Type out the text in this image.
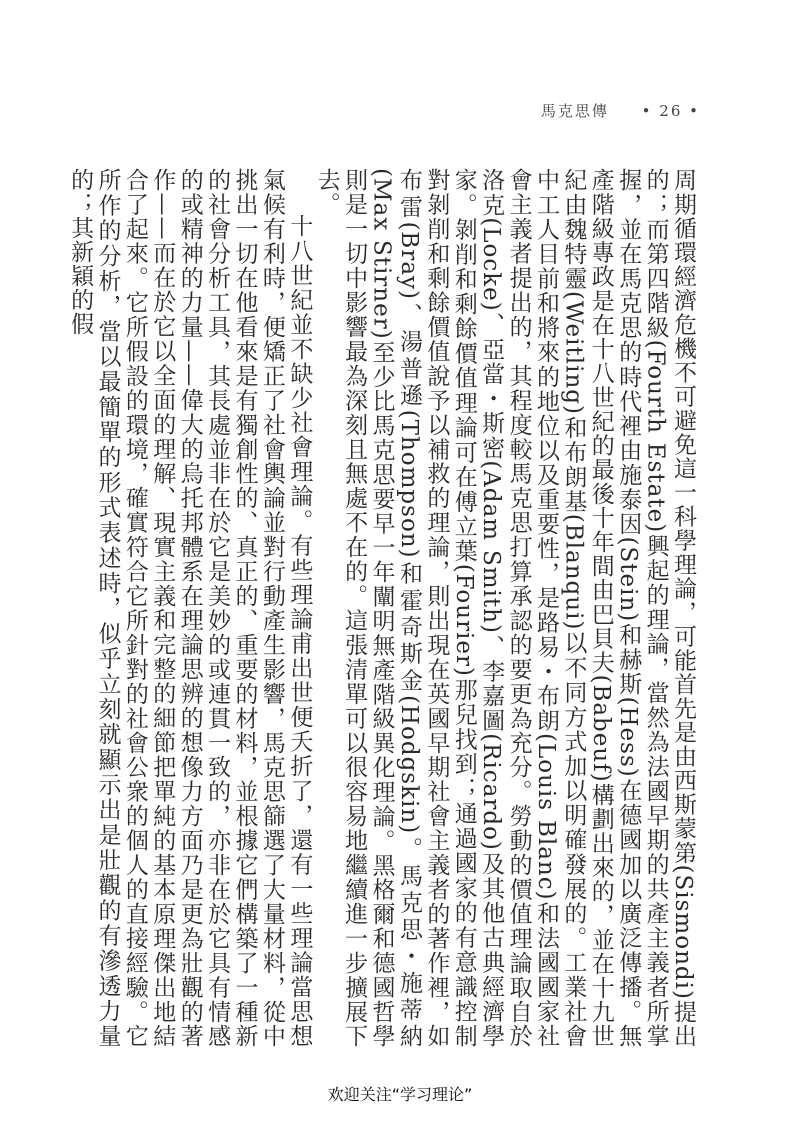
馬克思傳 • 26 •

周期循環經濟危機不可避免這一科學理論，可能首先是由西斯蒙第(Sismondi)提出的；而第四階級(Fourth Estate)興起的理論，當然為法國早期的共產主義者所掌握，並在馬克思的時代裡由施泰因(Stein)和赫斯(Hess)在德國加以廣泛傳播。無產階級專政是在十八世紀的最後十年間由巴貝夫(Babeuf)構劃出來的，並在十九世紀由魏特靈(Weitling)和布朗基(Blanqui)以不同方式加以明確發展的。工業社會中工人目前和將來的地位以及重要性，是路易・布朗(Louis Blanc)和法國國家社會主義者提出的，其程度較馬克思打算承認的要更為充分。勞動的價值理論取自於洛克(Locke)、亞當・斯密(Adam Smith)、李嘉圖(Ricardo)及其他古典經濟學家。剝削和剩餘價值理論可在傅立葉(Fourier)那兒找到；通過國家的有意識控制對剝削和剩餘價值說予以補救的理論，則出現在英國早期社會主義者的著作裡，如布雷(Bray)、湯普遜(Thompson)和霍奇斯金(Hodgskin)。馬克思・施蒂納(Max Stirner)至少比馬克思要早一年闡明無產階級異化理論。黑格爾和德國哲學則是一切中影響最為深刻且無處不在的。這張清單可以很容易地繼續進一步擴展下去。

十八世紀並不缺少社會理論。有些理論甫出世便夭折了，還有一些理論當思想氣候有利時，便矯正了社會輿論並對行動產生影響，馬克思篩選了大量材料，從中挑出一切在他看來是有獨創性的、真正的、重要的材料，並根據它們構築了一種新的社會分析工具，其長處並非在於它是美妙的或連貫一致的，亦非在於它具有情感的或精神的力量——偉大的烏托邦體系在理論思辨的想像力方面乃是更為壯觀的著作——而在於它以全面的理解、現實主義和完整的細節把單純的基本原理傑出地結合了起來。它所假設的環境，確實符合它所針對的社會公衆的個人的直接經驗。它所作的分析，當以最簡單的形式表述時，似乎立刻就顯示出是壯觀的有滲透力量的；其新穎的假

欢迎关注“学习理论”
